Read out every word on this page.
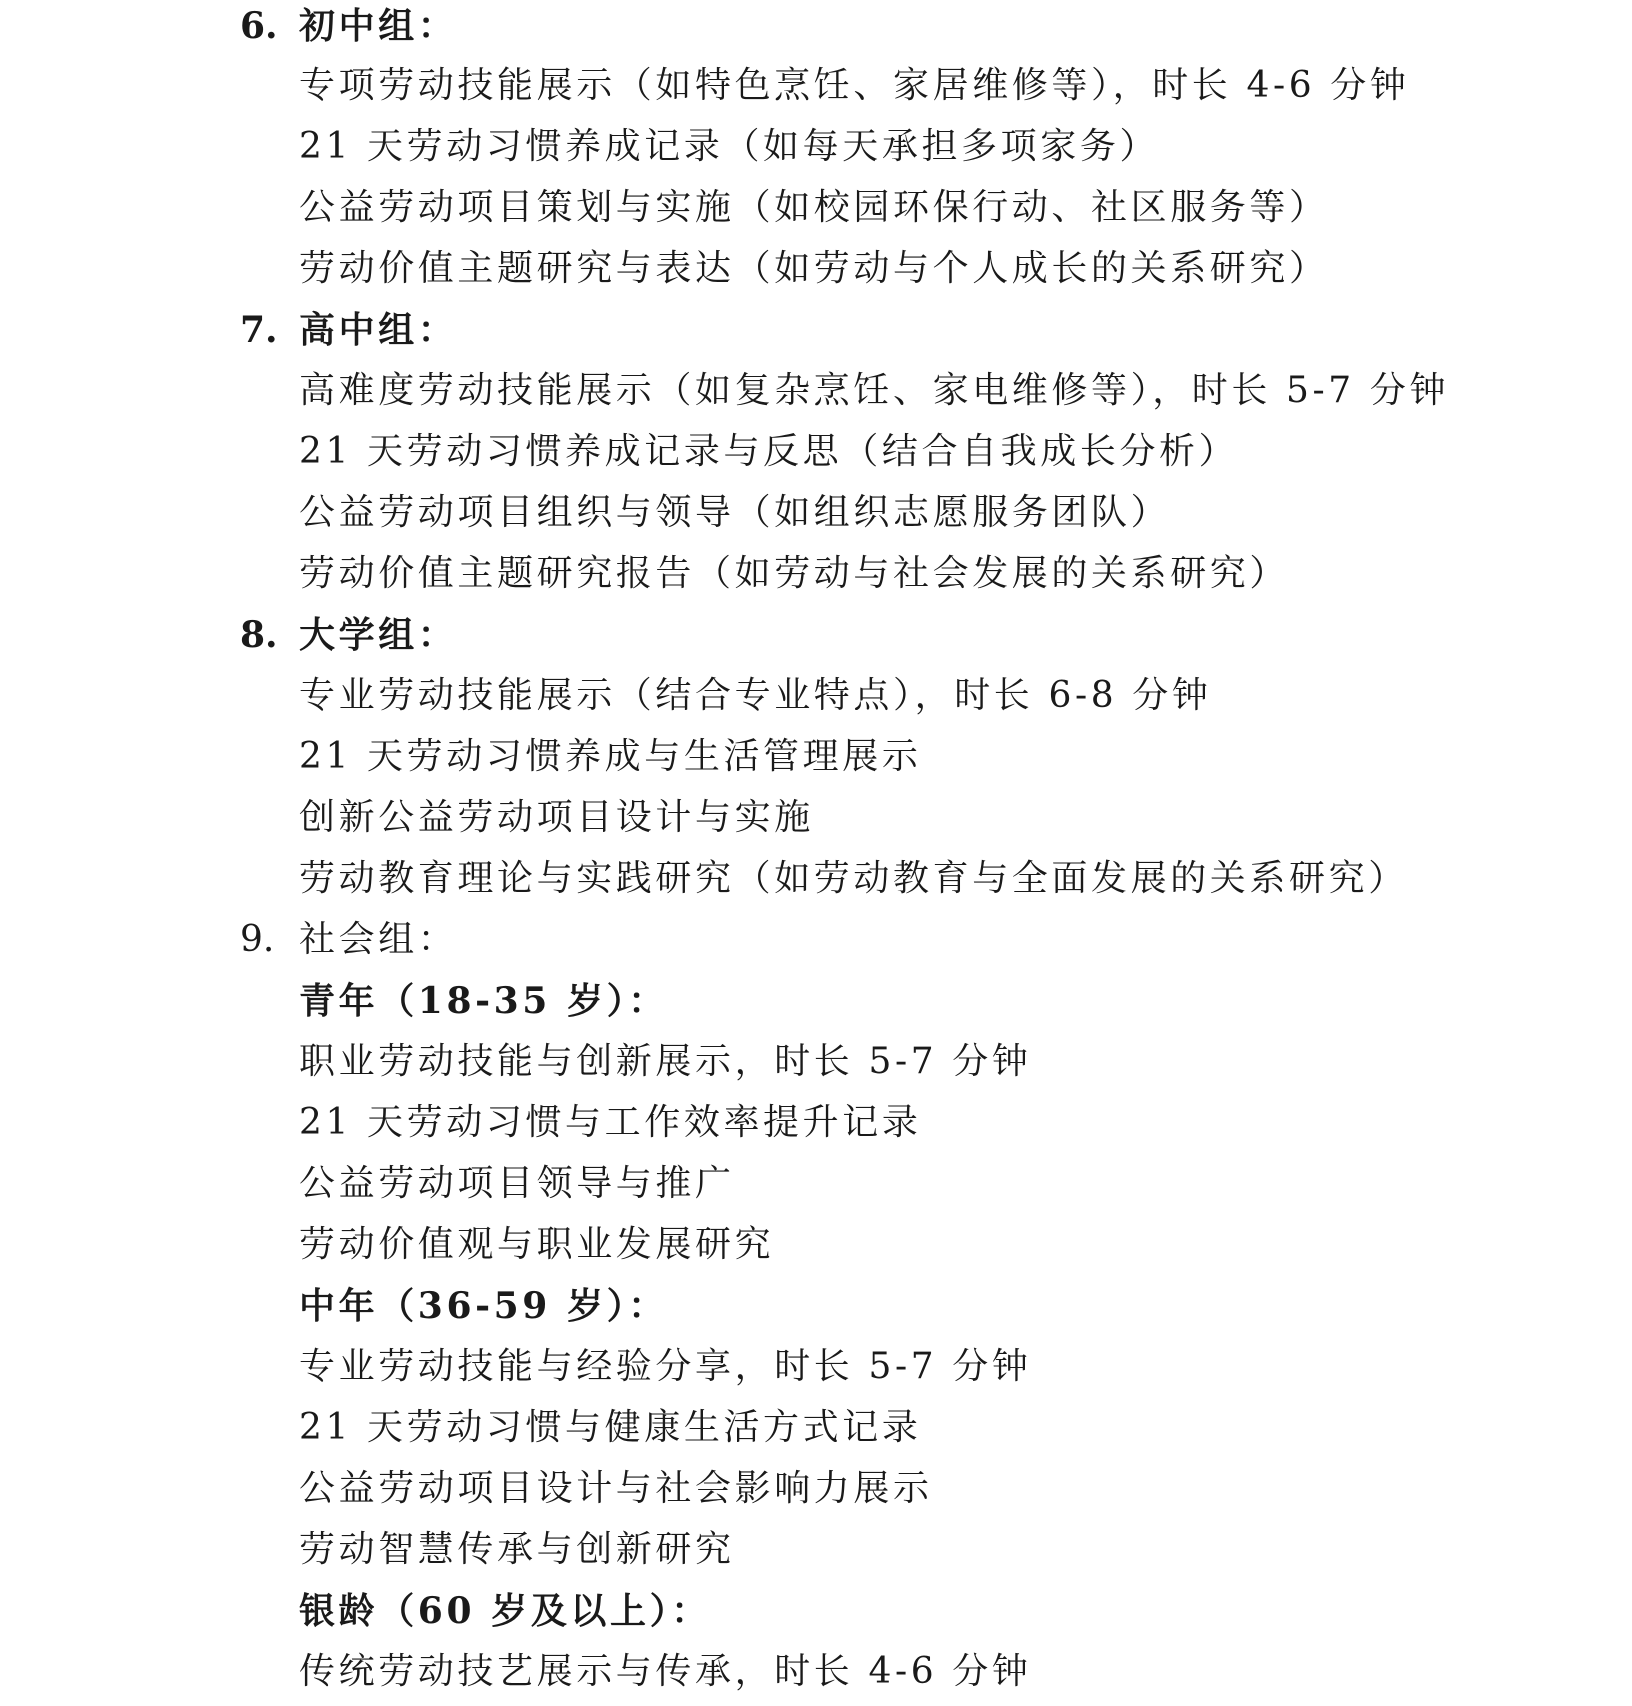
6. 初中组：
专项劳动技能展示（如特色烹饪、家居维修等），时长 4-6 分钟
21 天劳动习惯养成记录（如每天承担多项家务）
公益劳动项目策划与实施（如校园环保行动、社区服务等）
劳动价值主题研究与表达（如劳动与个人成长的关系研究）
7. 高中组：
高难度劳动技能展示（如复杂烹饪、家电维修等），时长 5-7 分钟
21 天劳动习惯养成记录与反思（结合自我成长分析）
公益劳动项目组织与领导（如组织志愿服务团队）
劳动价值主题研究报告（如劳动与社会发展的关系研究）
8. 大学组：
专业劳动技能展示（结合专业特点），时长 6-8 分钟
21 天劳动习惯养成与生活管理展示
创新公益劳动项目设计与实施
劳动教育理论与实践研究（如劳动教育与全面发展的关系研究）
9. 社会组：
青年（18-35 岁）：
职业劳动技能与创新展示，时长 5-7 分钟
21 天劳动习惯与工作效率提升记录
公益劳动项目领导与推广
劳动价值观与职业发展研究
中年（36-59 岁）：
专业劳动技能与经验分享，时长 5-7 分钟
21 天劳动习惯与健康生活方式记录
公益劳动项目设计与社会影响力展示
劳动智慧传承与创新研究
银龄（60 岁及以上）：
传统劳动技艺展示与传承，时长 4-6 分钟
